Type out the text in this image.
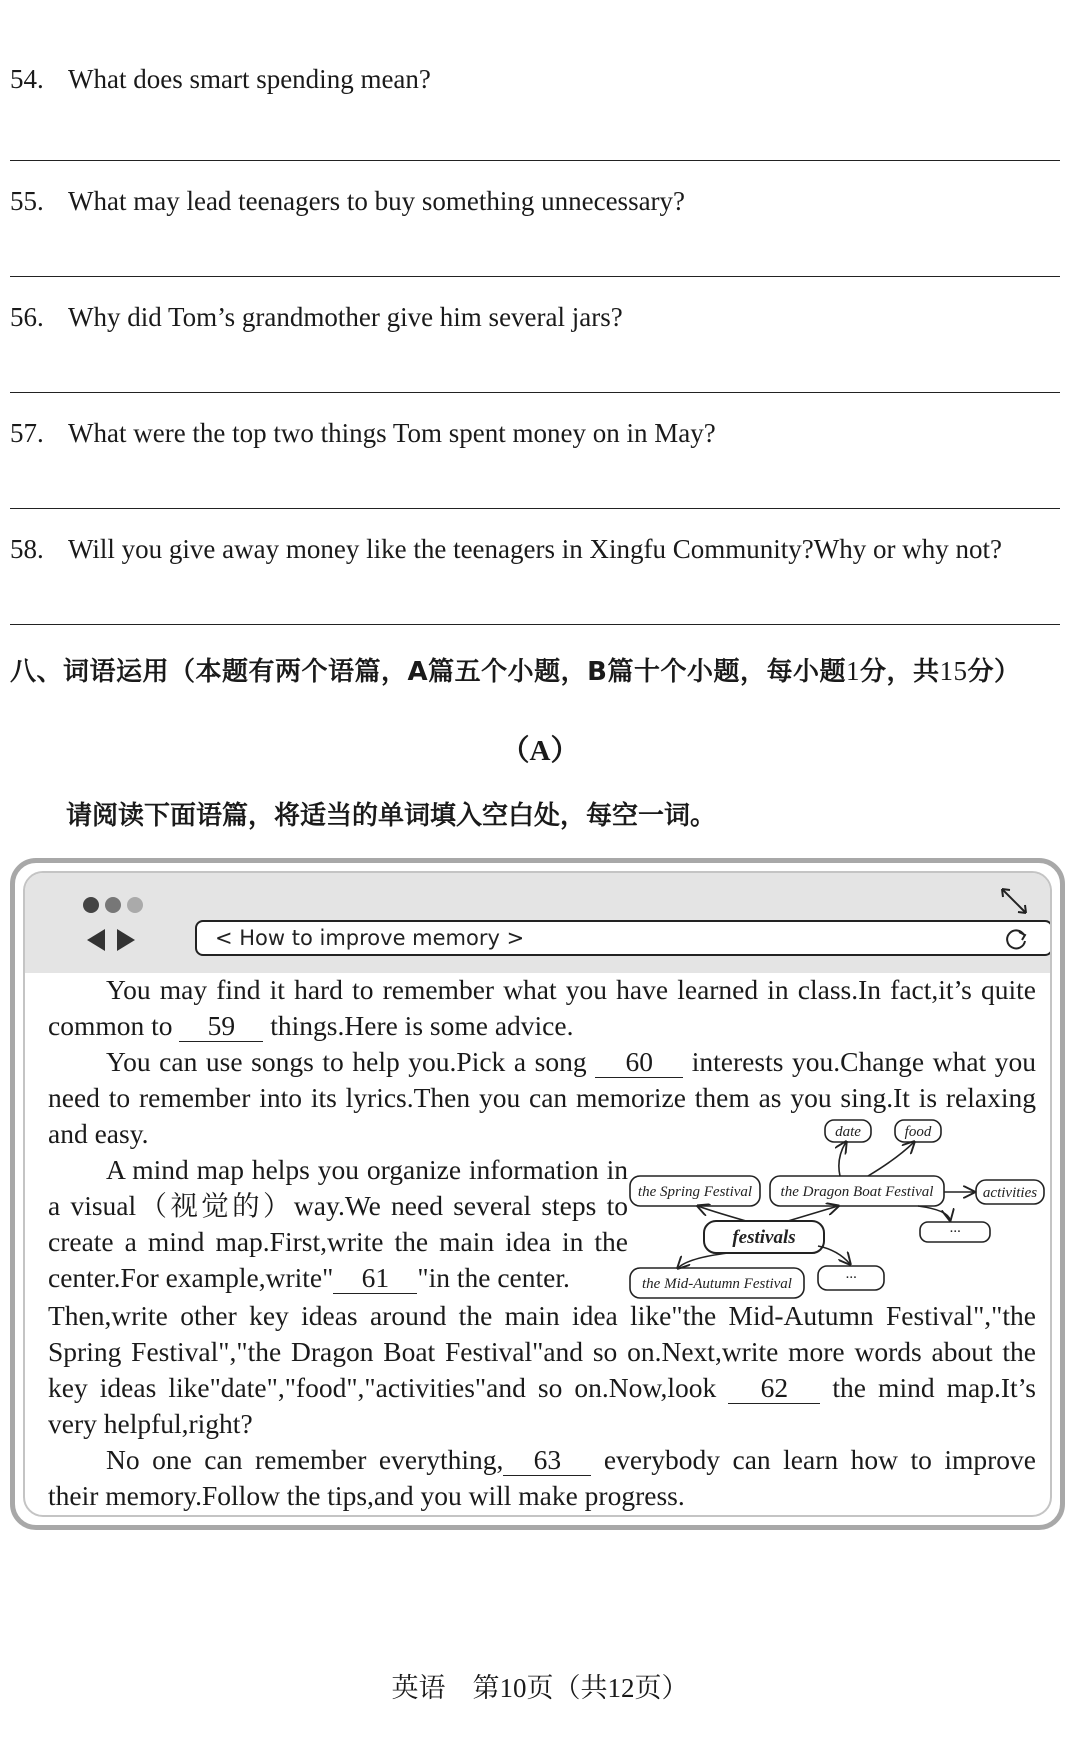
54. What does smart spending mean?
55. What may lead teenagers to buy something unnecessary?
56. Why did Tom’s grandmother give him several jars?
57. What were the top two things Tom spent money on in May?
58. Will you give away money like the teenagers in Xingfu Community?Why or why not?
八、词语运用（本题有两个语篇，A篇五个小题，B篇十个小题，每小题1分，共15分）
（A）
请阅读下面语篇，将适当的单词填入空白处，每空一词。
< How to improve memory >
You may find it hard to remember what you have learned in class.In fact,it’s quite common to 59 things.Here is some advice.
You can use songs to help you.Pick a song 60 interests you.Change what you need to remember into its lyrics.Then you can memorize them as you sing.It is relaxing and easy.
A mind map helps you organize information in a visual（视觉的）way.We need several steps to create a mind map.First,write the main idea in the center.For example,write" 61 "in the center.
Then,write other key ideas around the main idea like"the Mid-Autumn Festival","the Spring Festival","the Dragon Boat Festival"and so on.Next,write more words about the key ideas like"date","food","activities"and so on.Now,look 62 the mind map.It’s very helpful,right?
No one can remember everything, 63 everybody can learn how to improve their memory.Follow the tips,and you will make progress.
date	food
the Spring Festival the Dragon Boat Festival	activities
···
festivals
the Mid-Autumn Festival	···
英语　第10页（共12页）
